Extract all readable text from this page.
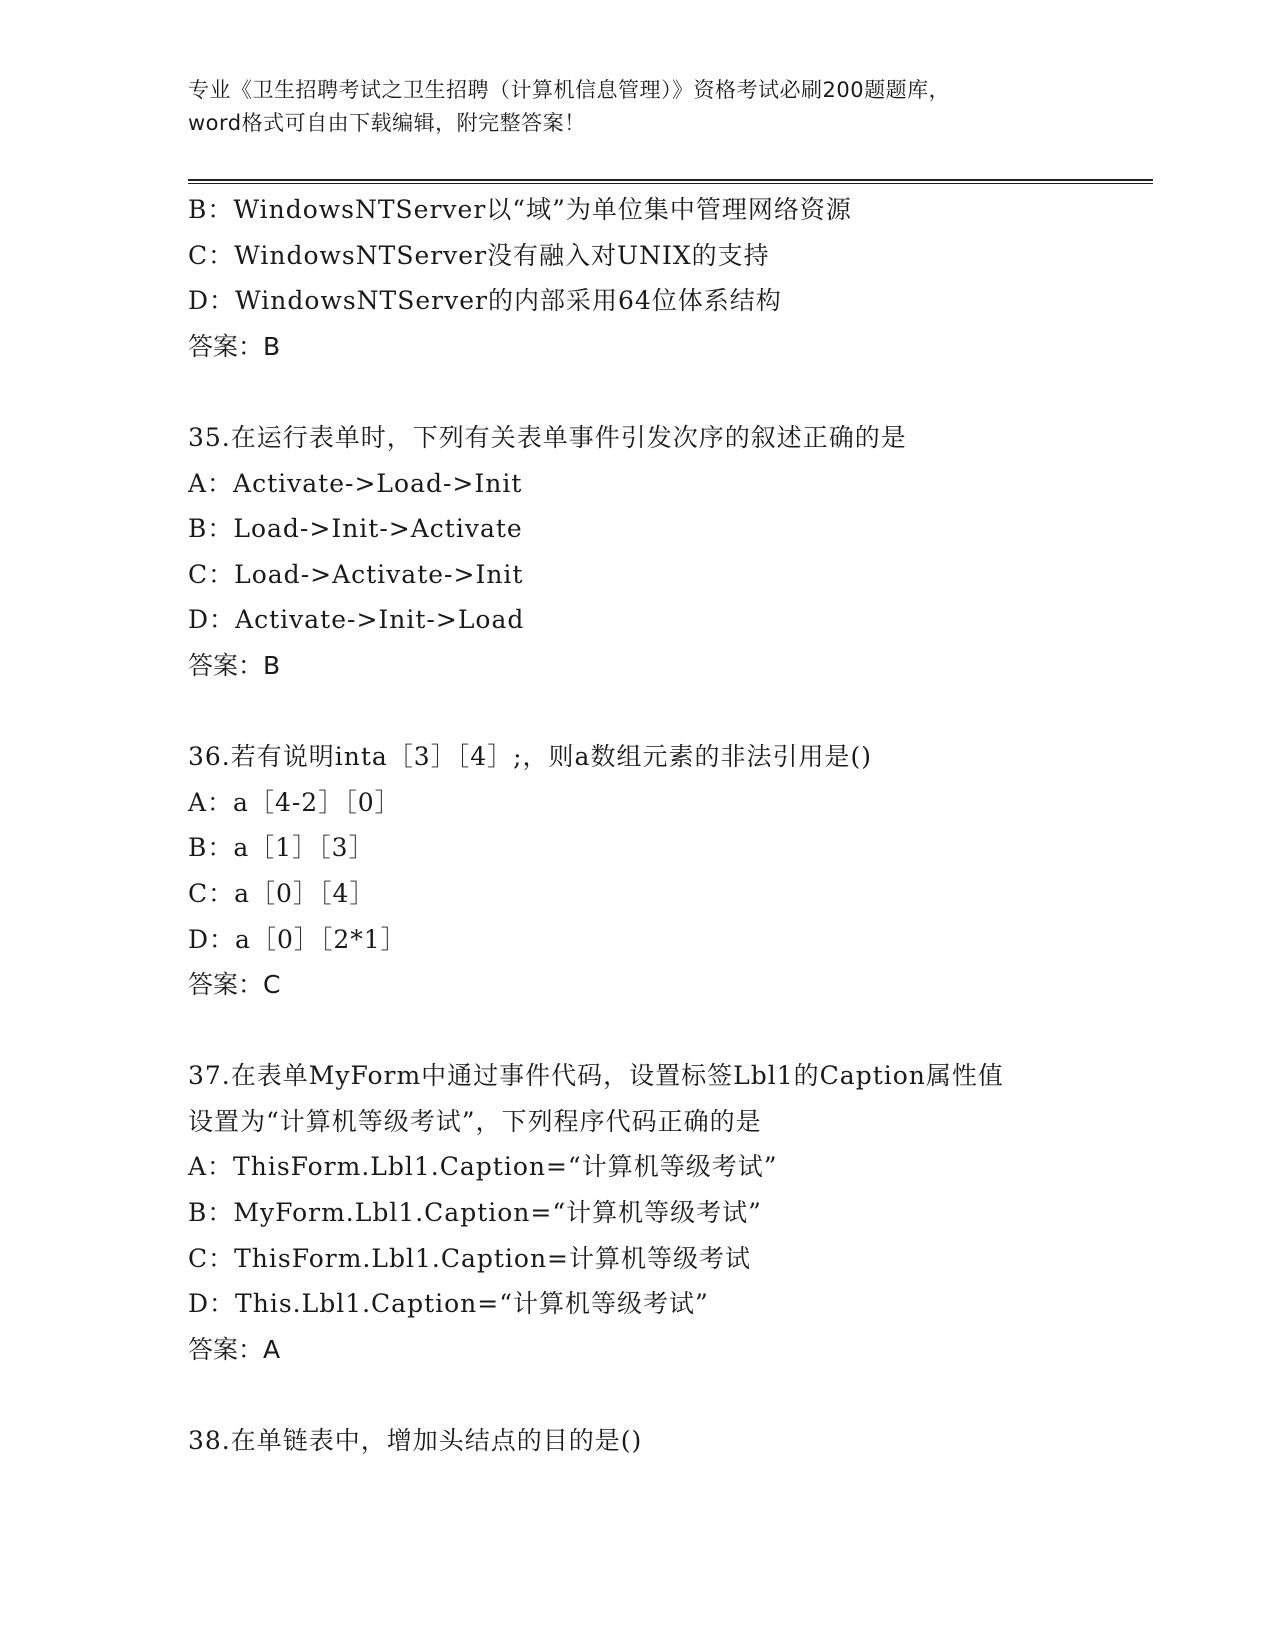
专业《卫生招聘考试之卫生招聘（计算机信息管理）》资格考试必刷200题题库，
word格式可自由下载编辑，附完整答案！
B：WindowsNTServer以“域”为单位集中管理网络资源
C：WindowsNTServer没有融入对UNIX的支持
D：WindowsNTServer的内部采用64位体系结构
答案：B
35.在运行表单时，下列有关表单事件引发次序的叙述正确的是
A：Activate->Load->Init
B：Load->Init->Activate
C：Load->Activate->Init
D：Activate->Init->Load
答案：B
36.若有说明inta［3］［4］;，则a数组元素的非法引用是()
A：a［4-2］［0］
B：a［1］［3］
C：a［0］［4］
D：a［0］［2*1］
答案：C
37.在表单MyForm中通过事件代码，设置标签Lbl1的Caption属性值
设置为“计算机等级考试”，下列程序代码正确的是
A：ThisForm.Lbl1.Caption=“计算机等级考试”
B：MyForm.Lbl1.Caption=“计算机等级考试”
C：ThisForm.Lbl1.Caption=计算机等级考试
D：This.Lbl1.Caption=“计算机等级考试”
答案：A
38.在单链表中，增加头结点的目的是()
